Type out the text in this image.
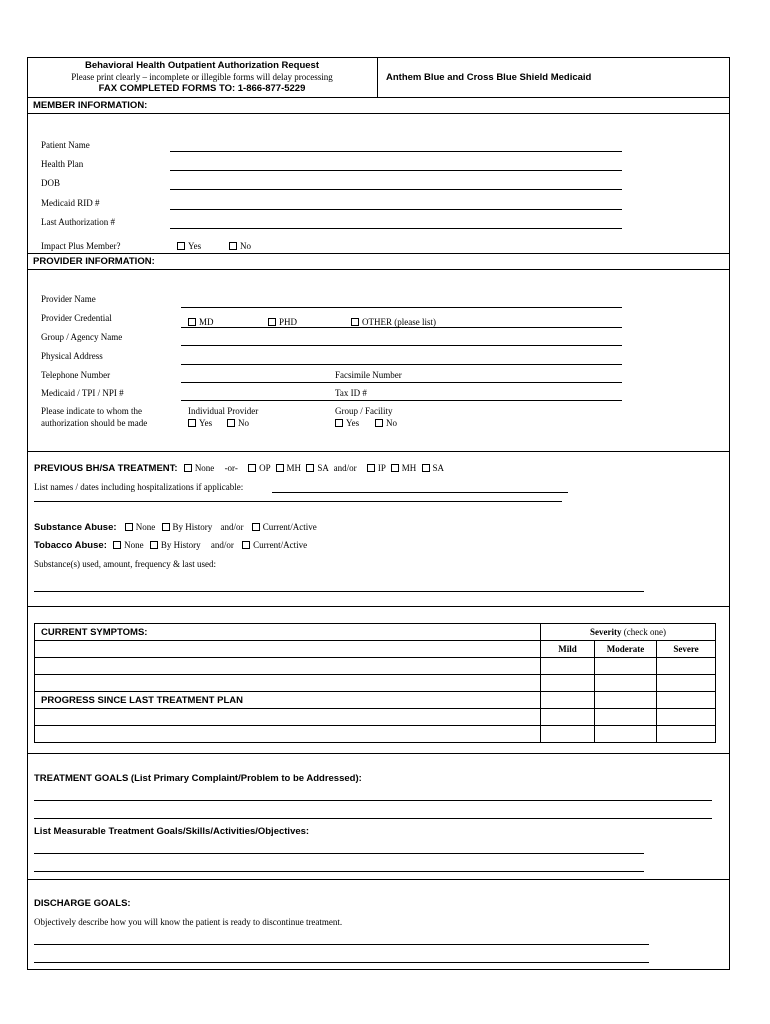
Behavioral Health Outpatient Authorization Request
Please print clearly – incomplete or illegible forms will delay processing
FAX COMPLETED FORMS TO: 1-866-877-5229
Anthem Blue and Cross Blue Shield Medicaid
MEMBER INFORMATION:
Patient Name
Health Plan
DOB
Medicaid RID #
Last Authorization #
Impact Plus Member?	Yes	No
PROVIDER INFORMATION:
Provider Name
Provider Credential	MD	PHD	OTHER (please list)
Group / Agency Name
Physical Address
Telephone Number	Facsimile Number
Medicaid / TPI / NPI #	Tax ID #
Please indicate to whom the
authorization should be made
Individual Provider
Yes	No
Group / Facility
Yes	No
PREVIOUS BH/SA TREATMENT: None -or- OP MH SA and/or IP MH SA
List names / dates including hospitalizations if applicable:
Substance Abuse: None By History and/or Current/Active
Tobacco Abuse: None By History and/or Current/Active
Substance(s) used, amount, frequency & last used:
CURRENT SYMPTOMS:	Severity (check one)		
	Mild	Moderate	Severe

PROGRESS SINCE LAST TREATMENT PLAN			

TREATMENT GOALS (List Primary Complaint/Problem to be Addressed):
List Measurable Treatment Goals/Skills/Activities/Objectives:
DISCHARGE GOALS:
Objectively describe how you will know the patient is ready to discontinue treatment.
